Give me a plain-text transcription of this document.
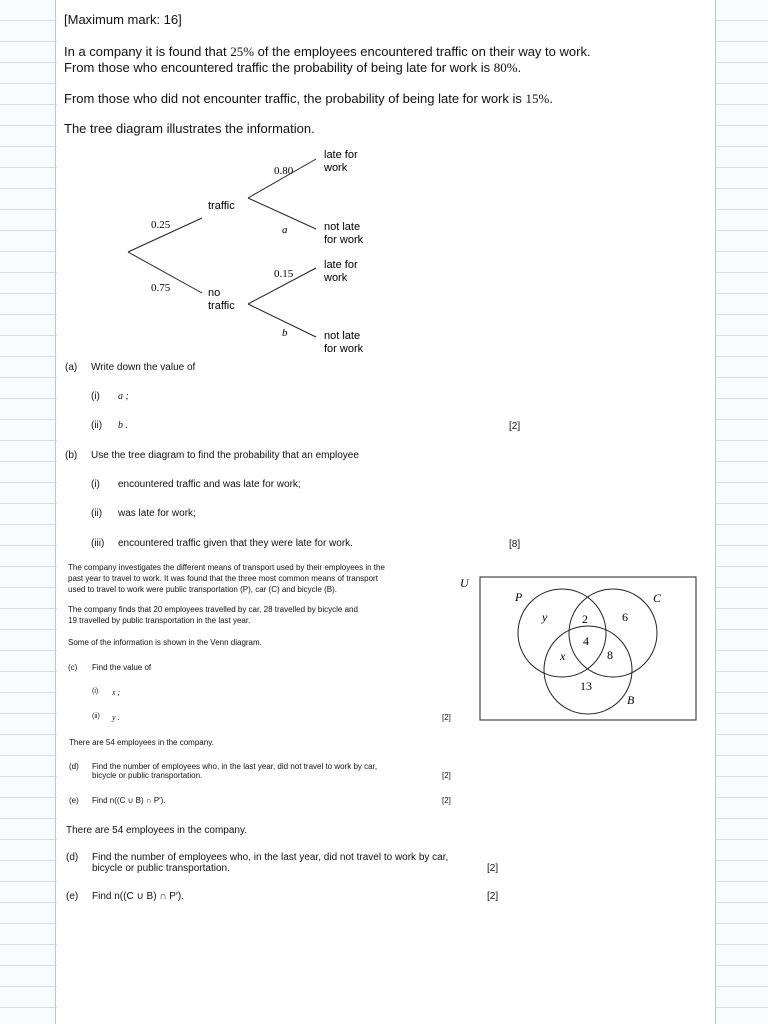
[Maximum mark: 16]
In a company it is found that 25% of the employees encountered traffic on their way to work.
From those who encountered traffic the probability of being late for work is 80%.
From those who did not encounter traffic, the probability of being late for work is 15%.
The tree diagram illustrates the information.
0.25
0.75
traffic
no
traffic
0.80
a
0.15
b
late for
work
not late
for work
late for
work
not late
for work
(a) Write down the value of
(i) a ;
(ii) b .	[2]
(b) Use the tree diagram to find the probability that an employee
(i) encountered traffic and was late for work;
(ii) was late for work;
(iii) encountered traffic given that they were late for work.	[8]
The company investigates the different means of transport used by their employees in the
past year to travel to work. It was found that the three most common means of transport
used to travel to work were public transportation (P), car (C) and bicycle (B).
The company finds that 20 employees travelled by car, 28 travelled by bicycle and
19 travelled by public transportation in the last year.
Some of the information is shown in the Venn diagram.
(c) Find the value of
(i) x ;
(ii) y .	[2]
There are 54 employees in the company.
(d) Find the number of employees who, in the last year, did not travel to work by car,
bicycle or public transportation.	[2]
(e) Find n((C ∪ B) ∩ P′).	[2]
U
P	C
B
y	2	6
4
x	8
13
There are 54 employees in the company.
(d) Find the number of employees who, in the last year, did not travel to work by car,
bicycle or public transportation.	[2]
(e) Find n((C ∪ B) ∩ P′).	[2]
